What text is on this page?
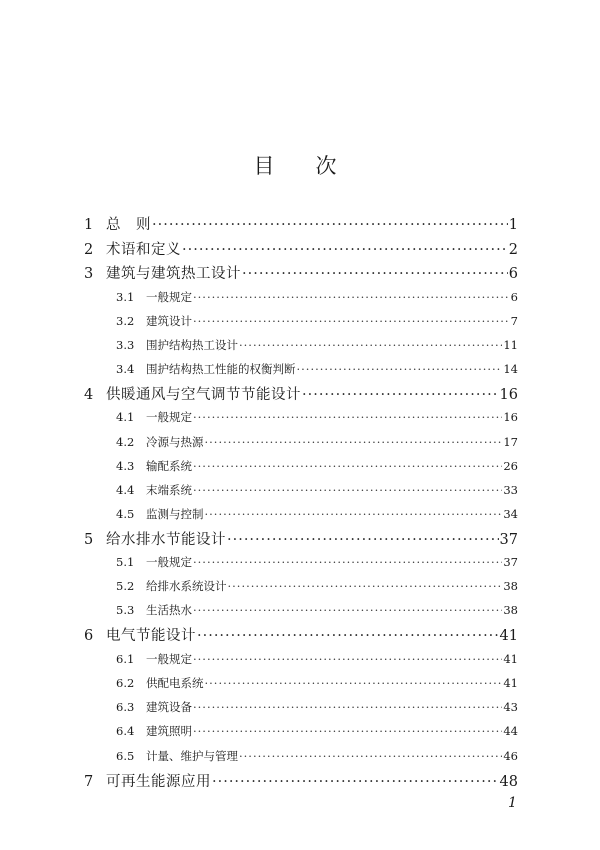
目　次
1 总　则 ·····	1
2 术语和定义 ·····	2
3 建筑与建筑热工设计 ·····	6
3.1	一般规定 ·····	6
3.2	建筑设计 ·····	7
3.3	围护结构热工设计 ·····	11
3.4	围护结构热工性能的权衡判断 ·····	14
4 供暖通风与空气调节节能设计 ·····	16
4.1	一般规定 ·····	16
4.2	冷源与热源 ·····	17
4.3	输配系统 ·····	26
4.4	末端系统 ·····	33
4.5	监测与控制 ·····	34
5 给水排水节能设计 ·····	37
5.1	一般规定 ·····	37
5.2	给排水系统设计 ·····	38
5.3	生活热水 ·····	38
6 电气节能设计 ·····	41
6.1	一般规定 ·····	41
6.2	供配电系统 ·····	41
6.3	建筑设备 ·····	43
6.4	建筑照明 ·····	44
6.5	计量、维护与管理 ·····	46
7 可再生能源应用 ·····	48
1
